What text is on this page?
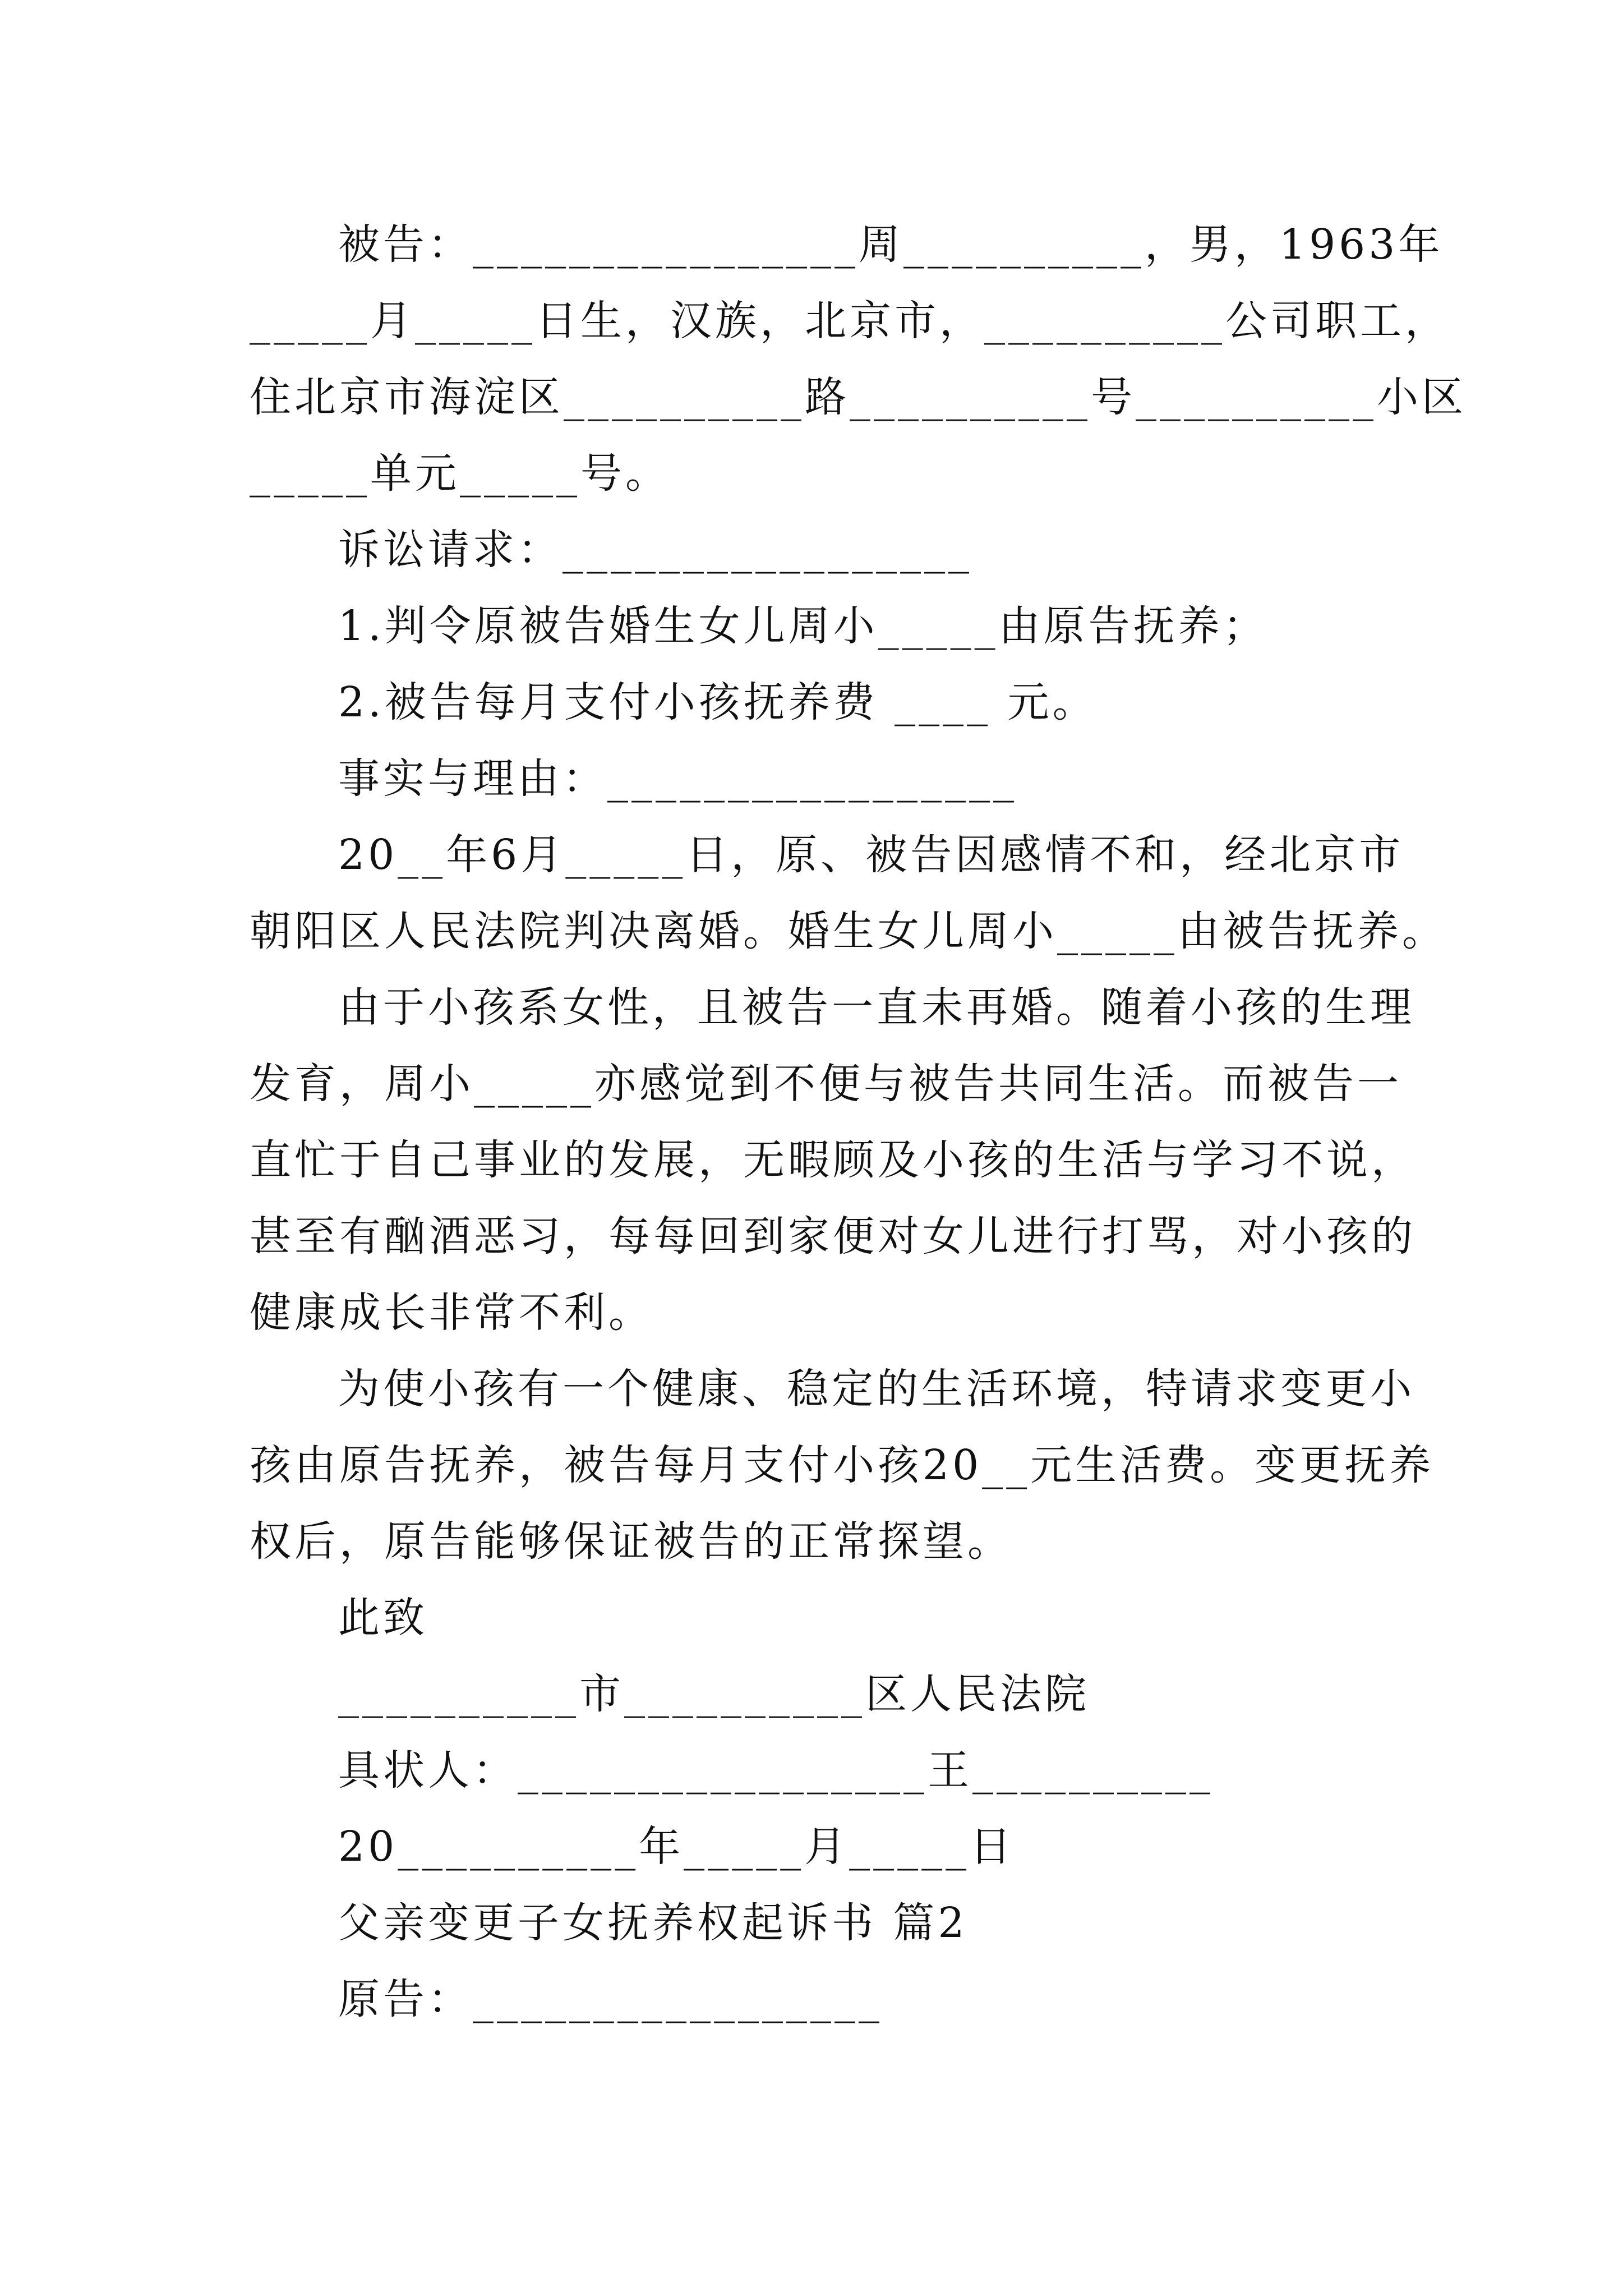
被告：________________周__________，男，1963年
_____月_____日生，汉族，北京市，__________公司职工，
住北京市海淀区__________路__________号__________小区
_____单元_____号。
诉讼请求：_________________
1.判令原被告婚生女儿周小_____由原告抚养；
2.被告每月支付小孩抚养费 ____ 元。
事实与理由：_________________
20__年6月_____日，原、被告因感情不和，经北京市
朝阳区人民法院判决离婚。婚生女儿周小_____由被告抚养。
由于小孩系女性，且被告一直未再婚。随着小孩的生理
发育，周小_____亦感觉到不便与被告共同生活。而被告一
直忙于自己事业的发展，无暇顾及小孩的生活与学习不说，
甚至有酗酒恶习，每每回到家便对女儿进行打骂，对小孩的
健康成长非常不利。
为使小孩有一个健康、稳定的生活环境，特请求变更小
孩由原告抚养，被告每月支付小孩20__元生活费。变更抚养
权后，原告能够保证被告的正常探望。
此致
__________市__________区人民法院
具状人：_________________王__________
20__________年_____月_____日
父亲变更子女抚养权起诉书 篇2
原告：_________________
